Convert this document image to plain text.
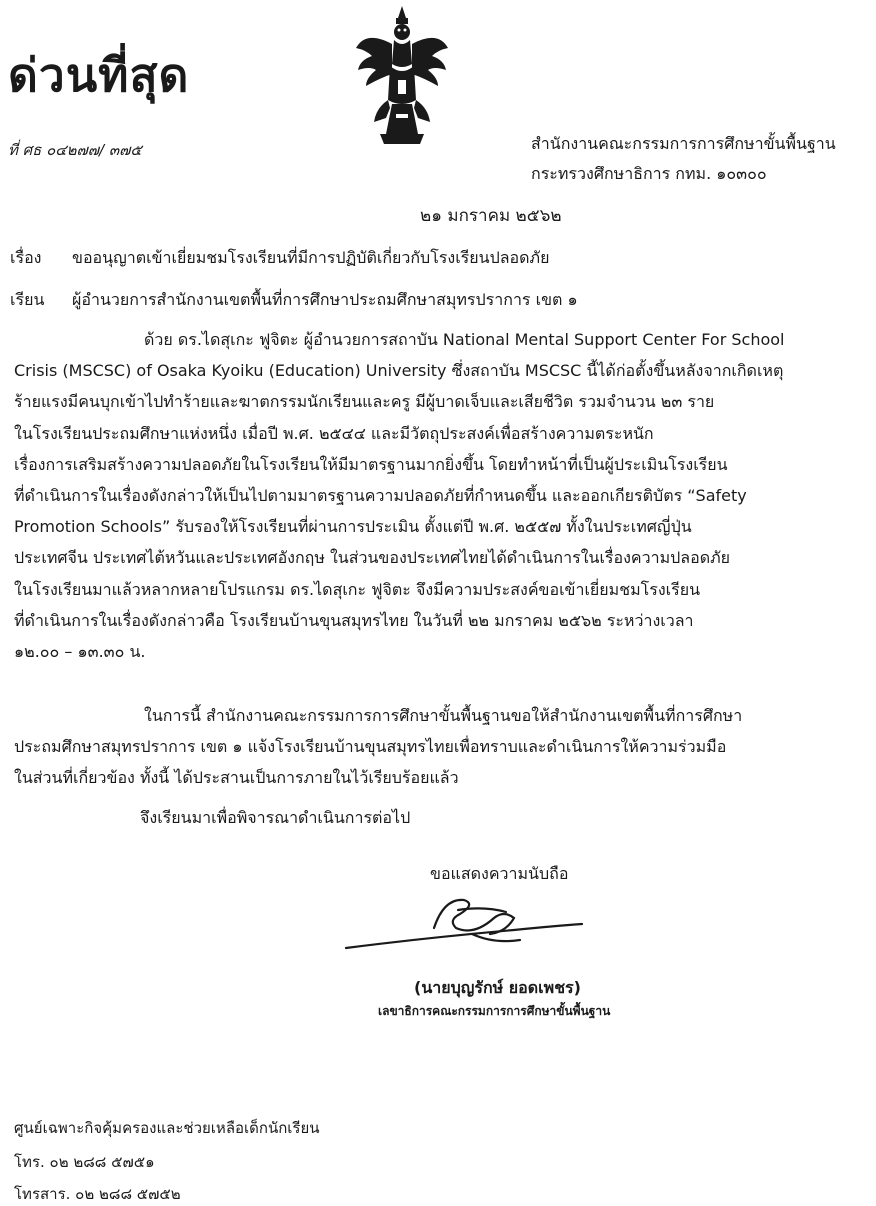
ด่วนที่สุด
ที่ ศธ ๐๔๒๗๗/ ๓๗๕	สำนักงานคณะกรรมการการศึกษาขั้นพื้นฐาน
กระทรวงศึกษาธิการ กทม. ๑๐๓๐๐
๒๑ มกราคม ๒๕๖๒
เรื่อง ขออนุญาตเข้าเยี่ยมชมโรงเรียนที่มีการปฏิบัติเกี่ยวกับโรงเรียนปลอดภัย
เรียน ผู้อำนวยการสำนักงานเขตพื้นที่การศึกษาประถมศึกษาสมุทรปราการ เขต ๑
ด้วย ดร.ไดสุเกะ ฟูจิตะ ผู้อำนวยการสถาบัน National Mental Support Center For School
Crisis (MSCSC) of Osaka Kyoiku (Education) University ซึ่งสถาบัน MSCSC นี้ได้ก่อตั้งขึ้นหลังจากเกิดเหตุ
ร้ายแรงมีคนบุกเข้าไปทำร้ายและฆาตกรรมนักเรียนและครู มีผู้บาดเจ็บและเสียชีวิต รวมจำนวน ๒๓ ราย
ในโรงเรียนประถมศึกษาแห่งหนึ่ง เมื่อปี พ.ศ. ๒๕๔๔ และมีวัตถุประสงค์เพื่อสร้างความตระหนัก
เรื่องการเสริมสร้างความปลอดภัยในโรงเรียนให้มีมาตรฐานมากยิ่งขึ้น โดยทำหน้าที่เป็นผู้ประเมินโรงเรียน
ที่ดำเนินการในเรื่องดังกล่าวให้เป็นไปตามมาตรฐานความปลอดภัยที่กำหนดขึ้น และออกเกียรติบัตร “Safety
Promotion Schools” รับรองให้โรงเรียนที่ผ่านการประเมิน ตั้งแต่ปี พ.ศ. ๒๕๕๗ ทั้งในประเทศญี่ปุ่น
ประเทศจีน ประเทศไต้หวันและประเทศอังกฤษ ในส่วนของประเทศไทยได้ดำเนินการในเรื่องความปลอดภัย
ในโรงเรียนมาแล้วหลากหลายโปรแกรม ดร.ไดสุเกะ ฟูจิตะ จึงมีความประสงค์ขอเข้าเยี่ยมชมโรงเรียน
ที่ดำเนินการในเรื่องดังกล่าวคือ โรงเรียนบ้านขุนสมุทรไทย ในวันที่ ๒๒ มกราคม ๒๕๖๒ ระหว่างเวลา
๑๒.๐๐ – ๑๓.๓๐ น.
ในการนี้ สำนักงานคณะกรรมการการศึกษาขั้นพื้นฐานขอให้สำนักงานเขตพื้นที่การศึกษา
ประถมศึกษาสมุทรปราการ เขต ๑ แจ้งโรงเรียนบ้านขุนสมุทรไทยเพื่อทราบและดำเนินการให้ความร่วมมือ
ในส่วนที่เกี่ยวข้อง ทั้งนี้ ได้ประสานเป็นการภายในไว้เรียบร้อยแล้ว
จึงเรียนมาเพื่อพิจารณาดำเนินการต่อไป
ขอแสดงความนับถือ
(นายบุญรักษ์ ยอดเพชร)
เลขาธิการคณะกรรมการการศึกษาขั้นพื้นฐาน
ศูนย์เฉพาะกิจคุ้มครองและช่วยเหลือเด็กนักเรียน
โทร. ๐๒ ๒๘๘ ๕๗๕๑
โทรสาร. ๐๒ ๒๘๘ ๕๗๕๒
